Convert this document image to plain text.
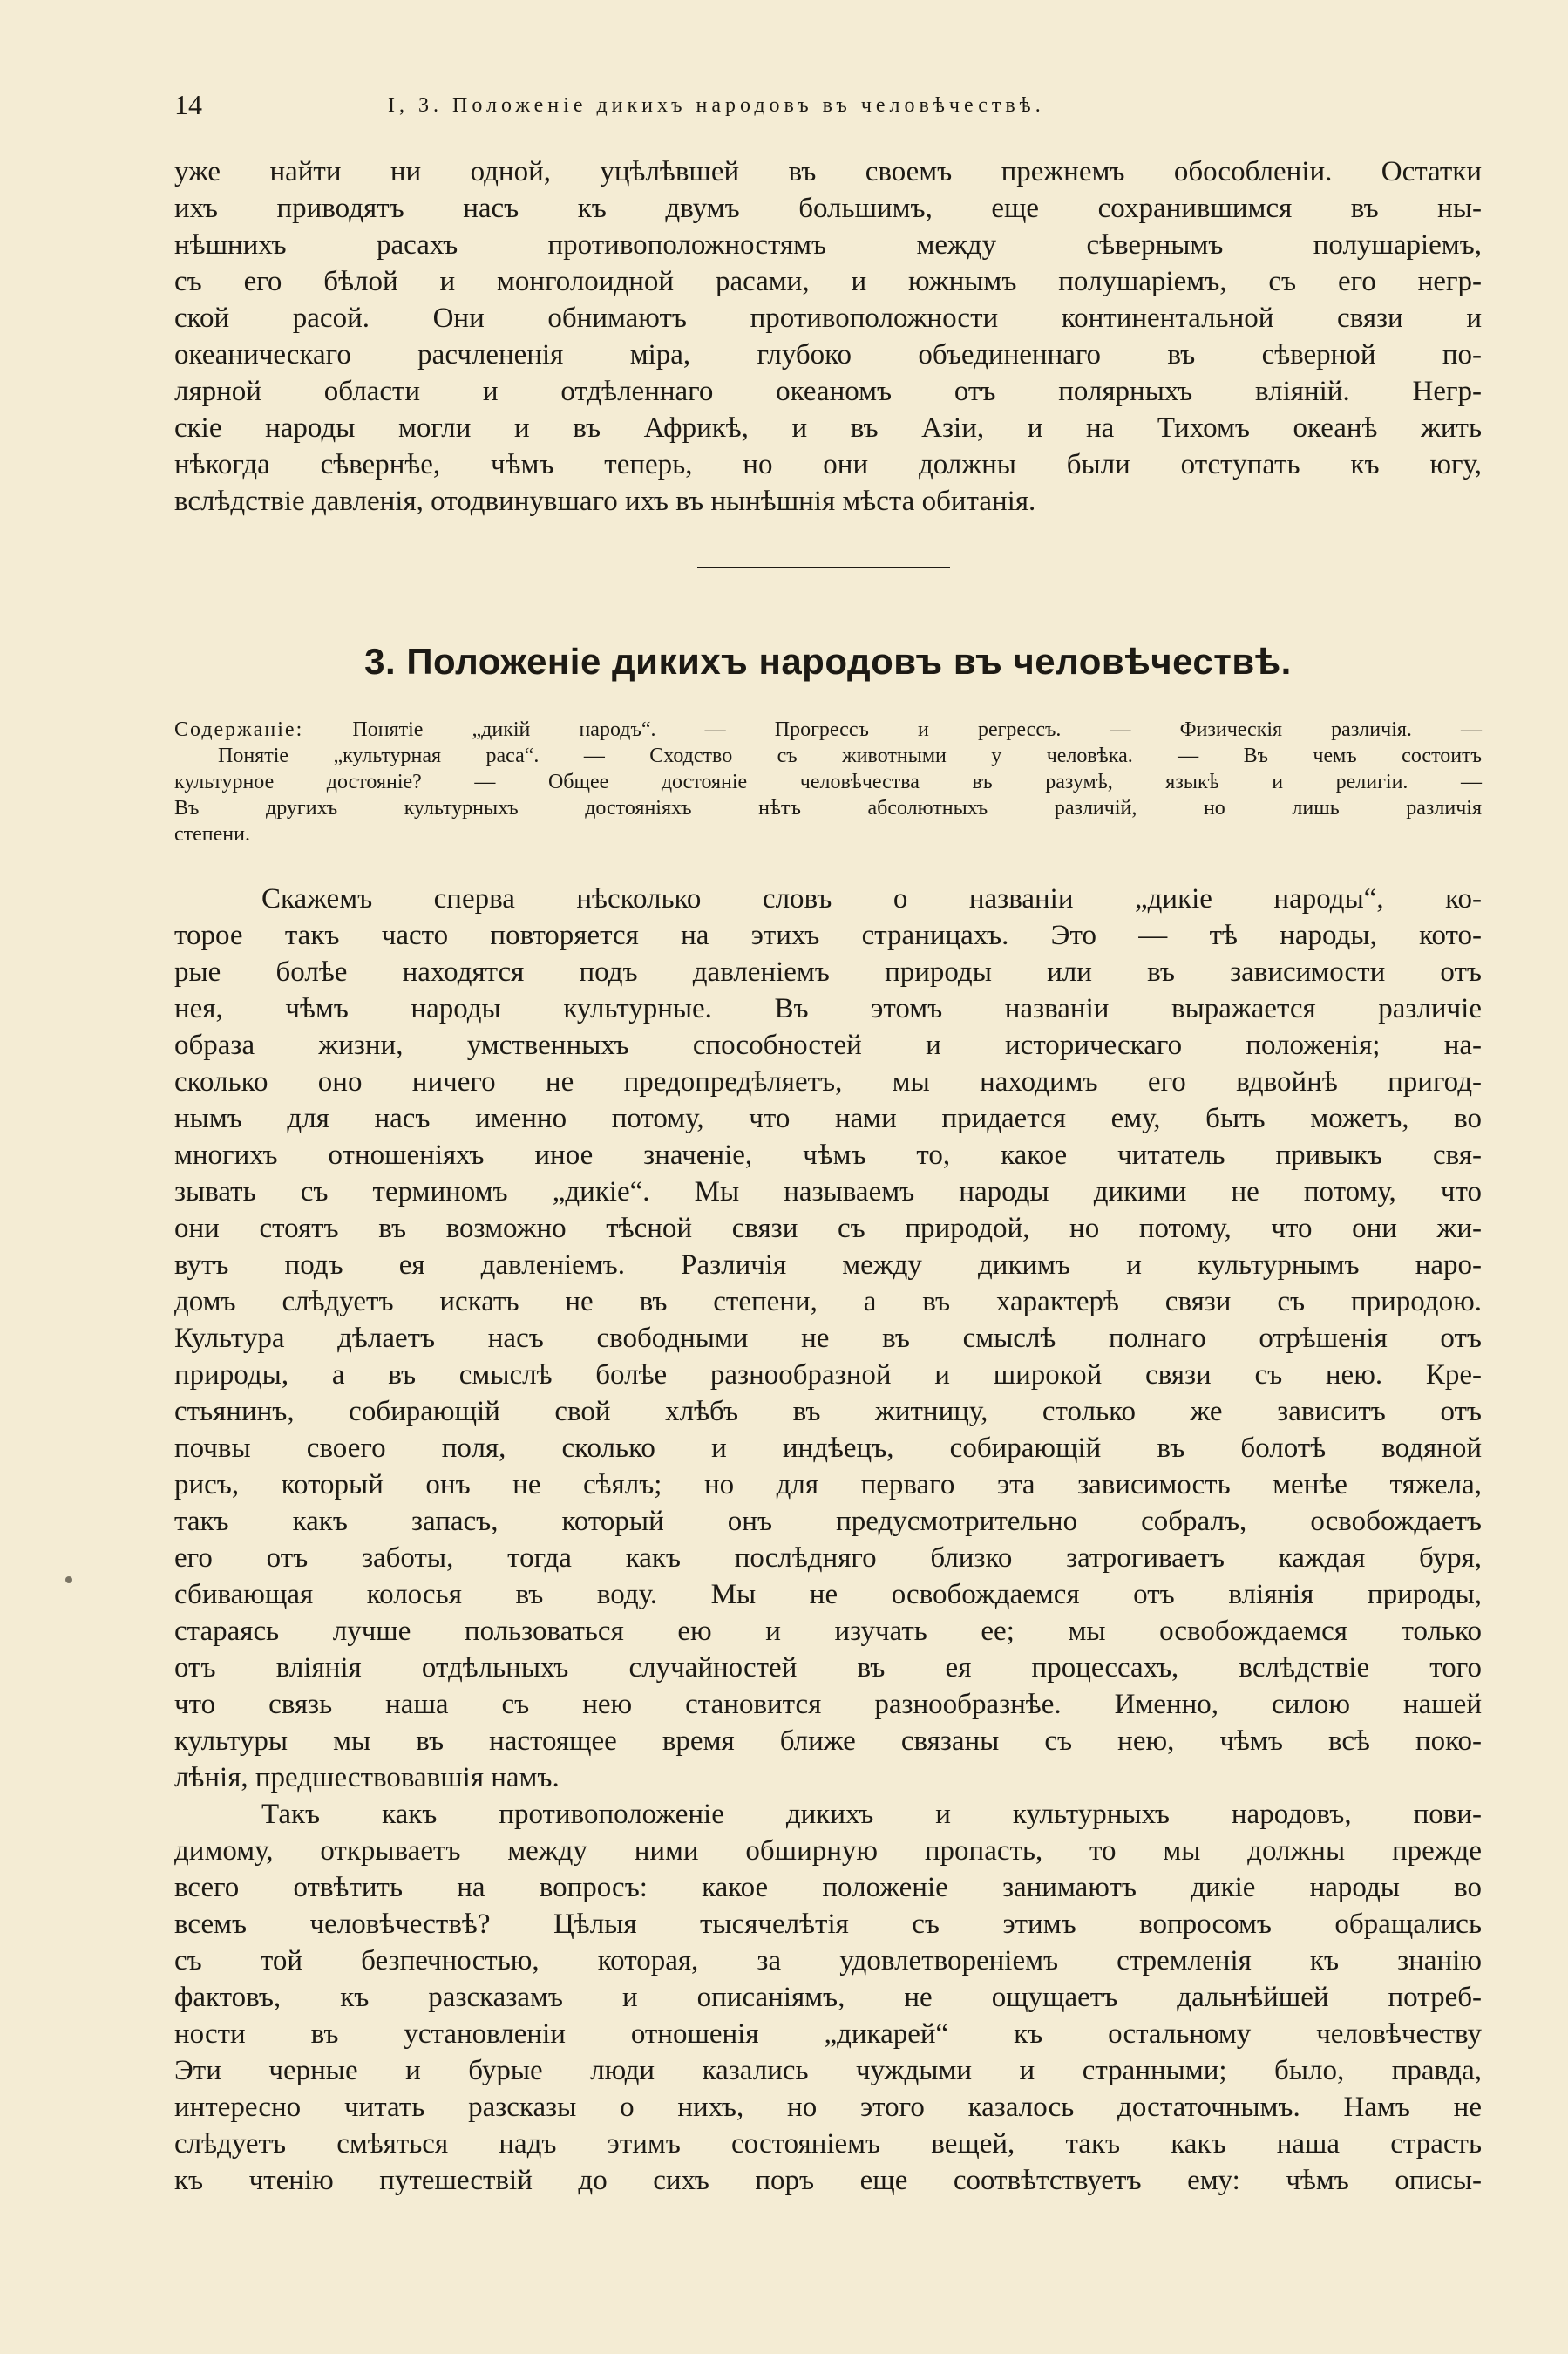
14	I, 3. Положеніе дикихъ народовъ въ человѣчествѣ.
уже найти ни одной, уцѣлѣвшей въ своемъ прежнемъ обособленіи. Остатки
ихъ приводятъ насъ къ двумъ большимъ, еще сохранившимся въ ны-
нѣшнихъ расахъ противоположностямъ между сѣвернымъ полушаріемъ,
съ его бѣлой и монголоидной расами, и южнымъ полушаріемъ, съ его негр-
ской расой. Они обнимаютъ противоположности континентальной связи и
океаническаго расчлененія міра, глубоко объединеннаго въ сѣверной по-
лярной области и отдѣленнаго океаномъ отъ полярныхъ вліяній. Негр-
скіе народы могли и въ Африкѣ, и въ Азіи, и на Тихомъ океанѣ жить
нѣкогда сѣвернѣе, чѣмъ теперь, но они должны были отступать къ югу,
вслѣдствіе давленія, отодвинувшаго ихъ въ нынѣшнія мѣста обитанія.
3. Положеніе дикихъ народовъ въ человѣчествѣ.
Содержаніе: Понятіе „дикій народъ“. — Прогрессъ и регрессъ. — Физическія различія. —
Понятіе „культурная раса“. — Сходство съ животными у человѣка. — Въ чемъ состоитъ
культурное достояніе? — Общее достояніе человѣчества въ разумѣ, языкѣ и религіи. —
Въ другихъ культурныхъ достояніяхъ нѣтъ абсолютныхъ различій, но лишь различія
степени.
Скажемъ сперва нѣсколько словъ о названіи „дикіе народы“, ко-
торое такъ часто повторяется на этихъ страницахъ. Это — тѣ народы, кото-
рые болѣе находятся подъ давленіемъ природы или въ зависимости отъ
нея, чѣмъ народы культурные. Въ этомъ названіи выражается различіе
образа жизни, умственныхъ способностей и историческаго положенія; на-
сколько оно ничего не предопредѣляетъ, мы находимъ его вдвойнѣ пригод-
нымъ для насъ именно потому, что нами придается ему, быть можетъ, во
многихъ отношеніяхъ иное значеніе, чѣмъ то, какое читатель привыкъ свя-
зывать съ терминомъ „дикіе“. Мы называемъ народы дикими не потому, что
они стоятъ въ возможно тѣсной связи съ природой, но потому, что они жи-
вутъ подъ ея давленіемъ. Различія между дикимъ и культурнымъ наро-
домъ слѣдуетъ искать не въ степени, а въ характерѣ связи съ природою.
Культура дѣлаетъ насъ свободными не въ смыслѣ полнаго отрѣшенія отъ
природы, а въ смыслѣ болѣе разнообразной и широкой связи съ нею. Кре-
стьянинъ, собирающій свой хлѣбъ въ житницу, столько же зависитъ отъ
почвы своего поля, сколько и индѣецъ, собирающій въ болотѣ водяной
рисъ, который онъ не сѣялъ; но для перваго эта зависимость менѣе тяжела,
такъ какъ запасъ, который онъ предусмотрительно собралъ, освобождаетъ
его отъ заботы, тогда какъ послѣдняго близко затрогиваетъ каждая буря,
сбивающая колосья въ воду. Мы не освобождаемся отъ вліянія природы,
стараясь лучше пользоваться ею и изучать ее; мы освобождаемся только
отъ вліянія отдѣльныхъ случайностей въ ея процессахъ, вслѣдствіе того
что связь наша съ нею становится разнообразнѣе. Именно, силою нашей
культуры мы въ настоящее время ближе связаны съ нею, чѣмъ всѣ поко-
лѣнія, предшествовавшія намъ.
Такъ какъ противоположеніе дикихъ и культурныхъ народовъ, пови-
димому, открываетъ между ними обширную пропасть, то мы должны прежде
всего отвѣтить на вопросъ: какое положеніе занимаютъ дикіе народы во
всемъ человѣчествѣ? Цѣлыя тысячелѣтія съ этимъ вопросомъ обращались
съ той безпечностью, которая, за удовлетвореніемъ стремленія къ знанію
фактовъ, къ разсказамъ и описаніямъ, не ощущаетъ дальнѣйшей потреб-
ности въ установленіи отношенія „дикарей“ къ остальному человѣчеству
Эти черные и бурые люди казались чуждыми и странными; было, правда,
интересно читать разсказы о нихъ, но этого казалось достаточнымъ. Намъ не
слѣдуетъ смѣяться надъ этимъ состояніемъ вещей, такъ какъ наша страсть
къ чтенію путешествій до сихъ поръ еще соотвѣтствуетъ ему: чѣмъ описы-
